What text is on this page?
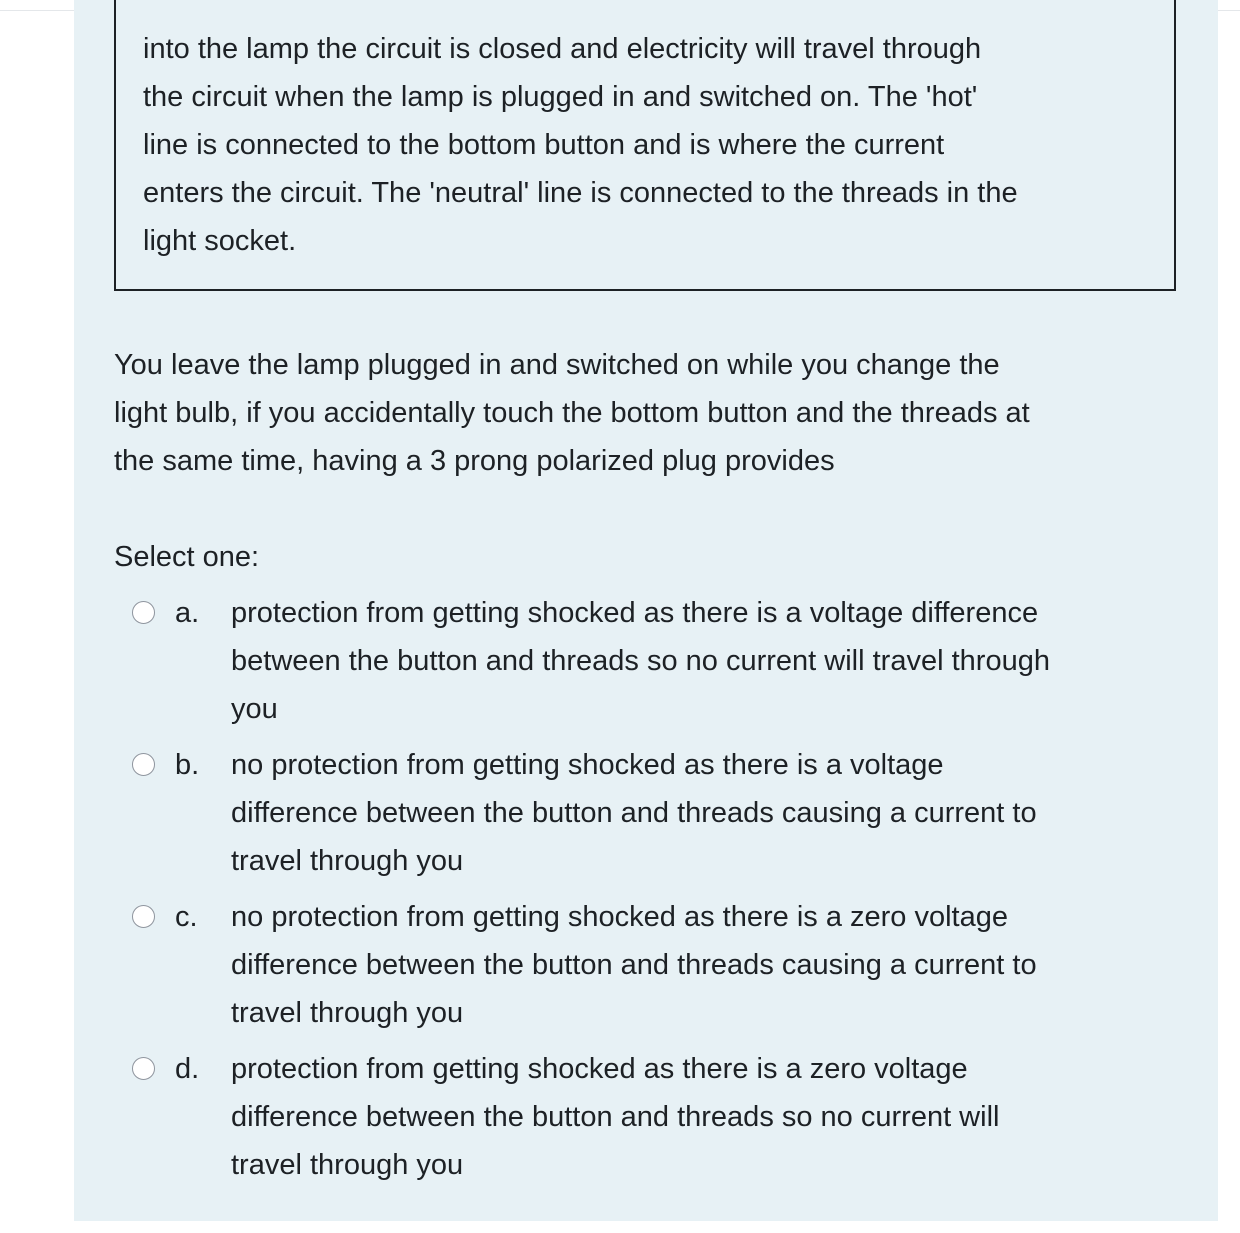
into the lamp the circuit is closed and electricity will travel through
the circuit when the lamp is plugged in and switched on. The 'hot'
line is connected to the bottom button and is where the current
enters the circuit. The 'neutral' line is connected to the threads in the
light socket.

You leave the lamp plugged in and switched on while you change the
light bulb, if you accidentally touch the bottom button and the threads at
the same time, having a 3 prong polarized plug provides

Select one:
a. protection from getting shocked as there is a voltage difference
between the button and threads so no current will travel through
you
b. no protection from getting shocked as there is a voltage
difference between the button and threads causing a current to
travel through you
c. no protection from getting shocked as there is a zero voltage
difference between the button and threads causing a current to
travel through you
d. protection from getting shocked as there is a zero voltage
difference between the button and threads so no current will
travel through you
